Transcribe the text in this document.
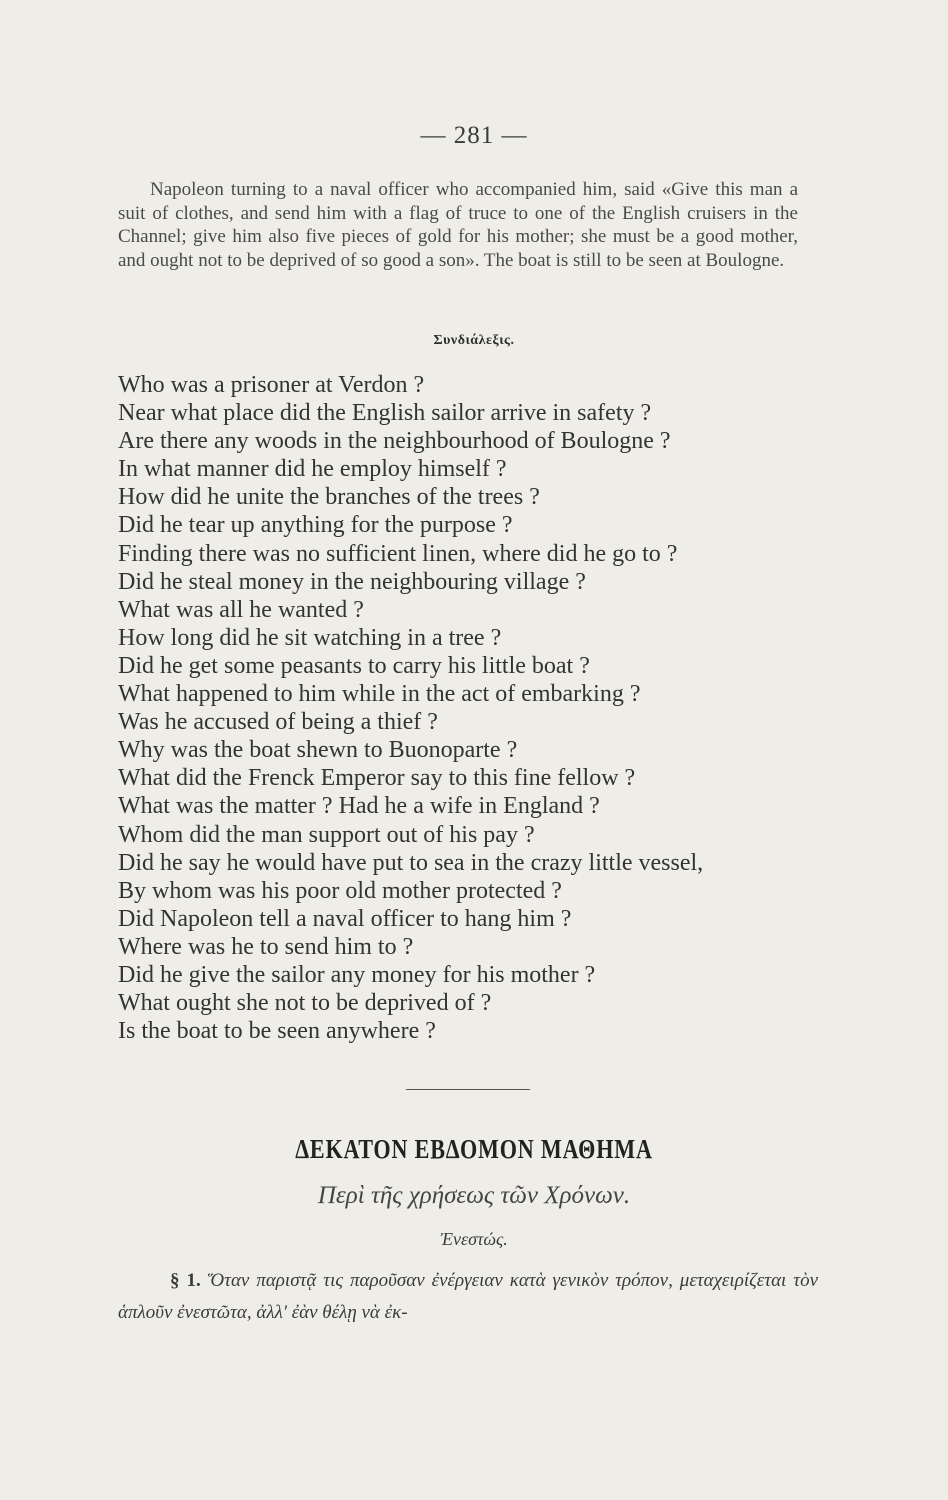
— 281 —

Napoleon turning to a naval officer who accompanied him, said «Give this man a suit of clothes, and send him with a flag of truce to one of the English cruisers in the Channel; give him also five pieces of gold for his mother; she must be a good mother, and ought not to be deprived of so good a son». The boat is still to be seen at Boulogne.

Συνδιάλεξις.
Who was a prisoner at Verdon ?
Near what place did the English sailor arrive in safety ?
Are there any woods in the neighbourhood of Boulogne ?
In what manner did he employ himself ?
How did he unite the branches of the trees ?
Did he tear up anything for the purpose ?
Finding there was no sufficient linen, where did he go to ?
Did he steal money in the neighbouring village ?
What was all he wanted ?
How long did he sit watching in a tree ?
Did he get some peasants to carry his little boat ?
What happened to him while in the act of embarking ?
Was he accused of being a thief ?
Why was the boat shewn to Buonoparte ?
What did the Frenck Emperor say to this fine fellow ?
What was the matter ? Had he a wife in England ?
Whom did the man support out of his pay ?
Did he say he would have put to sea in the crazy little vessel,
By whom was his poor old mother protected ?
Did Napoleon tell a naval officer to hang him ?
Where was he to send him to ?
Did he give the sailor any money for his mother ?
What ought she not to be deprived of ?
Is the boat to be seen anywhere ?
ΔΕΚΑΤΟΝ ΕΒΔΟΜΟΝ ΜΑΘΗΜΑ
Περὶ τῆς χρήσεως τῶν Χρόνων.
Ἐνεστώς.

§ 1. Ὅταν παριστᾷ τις παροῦσαν ἐνέργειαν κατὰ γενικὸν τρόπον, μεταχειρίζεται τὸν ἁπλοῦν ἐνεστῶτα, ἀλλ' ἐὰν θέλῃ νὰ ἐκ-
